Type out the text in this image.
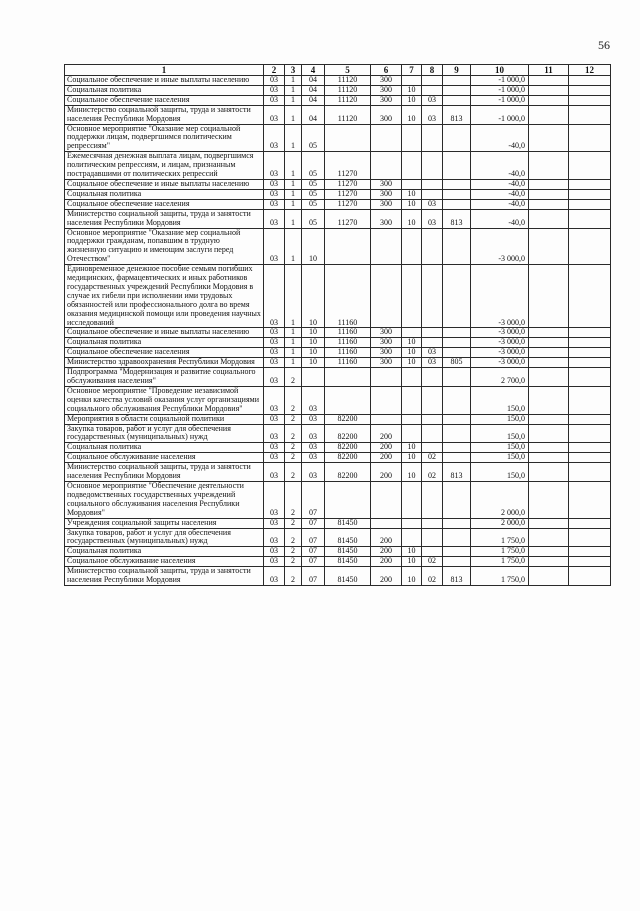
56
1	2	3	4	5	6	7	8	9	10	11	12
Социальное обеспечение и иные выплаты населению	03	1	04	11120	300				-1 000,0		
Социальная политика	03	1	04	11120	300	10			-1 000,0		
Социальное обеспечение населения	03	1	04	11120	300	10	03		-1 000,0		
Министерство социальной защиты, труда и занятости населения Республики Мордовия	03	1	04	11120	300	10	03	813	-1 000,0		
Основное мероприятие "Оказание мер социальной поддержки лицам, подвергшимся политическим репрессиям"	03	1	05						-40,0		
Ежемесячная денежная выплата лицам, подвергшимся политическим репрессиям, и лицам, признанным пострадавшими от политических репрессий	03	1	05	11270					-40,0		
Социальное обеспечение и иные выплаты населению	03	1	05	11270	300				-40,0		
Социальная политика	03	1	05	11270	300	10			-40,0		
Социальное обеспечение населения	03	1	05	11270	300	10	03		-40,0		
Министерство социальной защиты, труда и занятости населения Республики Мордовия	03	1	05	11270	300	10	03	813	-40,0		
Основное мероприятие "Оказание мер социальной поддержки гражданам, попавшим в трудную жизненную ситуацию и имеющим заслуги перед Отечеством"	03	1	10						-3 000,0		
Единовременное денежное пособие семьям погибших медицинских, фармацевтических и иных работников государственных учреждений Республики Мордовия в случае их гибели при исполнении ими трудовых обязанностей или профессионального долга во время оказания медицинской помощи или проведения научных исследований	03	1	10	11160					-3 000,0		
Социальное обеспечение и иные выплаты населению	03	1	10	11160	300				-3 000,0		
Социальная политика	03	1	10	11160	300	10			-3 000,0		
Социальное обеспечение населения	03	1	10	11160	300	10	03		-3 000,0		
Министерство здравоохранения Республики Мордовия	03	1	10	11160	300	10	03	805	-3 000,0		
Подпрограмма "Модернизация и развитие социального обслуживания населения"	03	2							2 700,0		
Основное мероприятие "Проведение независимой оценки качества условий оказания услуг организациями социального обслуживания Республики Мордовия"	03	2	03						150,0		
Мероприятия в области социальной политики	03	2	03	82200					150,0		
Закупка товаров, работ и услуг для обеспечения государственных (муниципальных) нужд	03	2	03	82200	200				150,0		
Социальная политика	03	2	03	82200	200	10			150,0		
Социальное обслуживание населения	03	2	03	82200	200	10	02		150,0		
Министерство социальной защиты, труда и занятости населения Республики Мордовия	03	2	03	82200	200	10	02	813	150,0		
Основное мероприятие "Обеспечение деятельности подведомственных государственных учреждений социального обслуживания населения Республики Мордовия"	03	2	07						2 000,0		
Учреждения социальной защиты населения	03	2	07	81450					2 000,0		
Закупка товаров, работ и услуг для обеспечения государственных (муниципальных) нужд	03	2	07	81450	200				1 750,0		
Социальная политика	03	2	07	81450	200	10			1 750,0		
Социальное обслуживание населения	03	2	07	81450	200	10	02		1 750,0		
Министерство социальной защиты, труда и занятости населения Республики Мордовия	03	2	07	81450	200	10	02	813	1 750,0		
